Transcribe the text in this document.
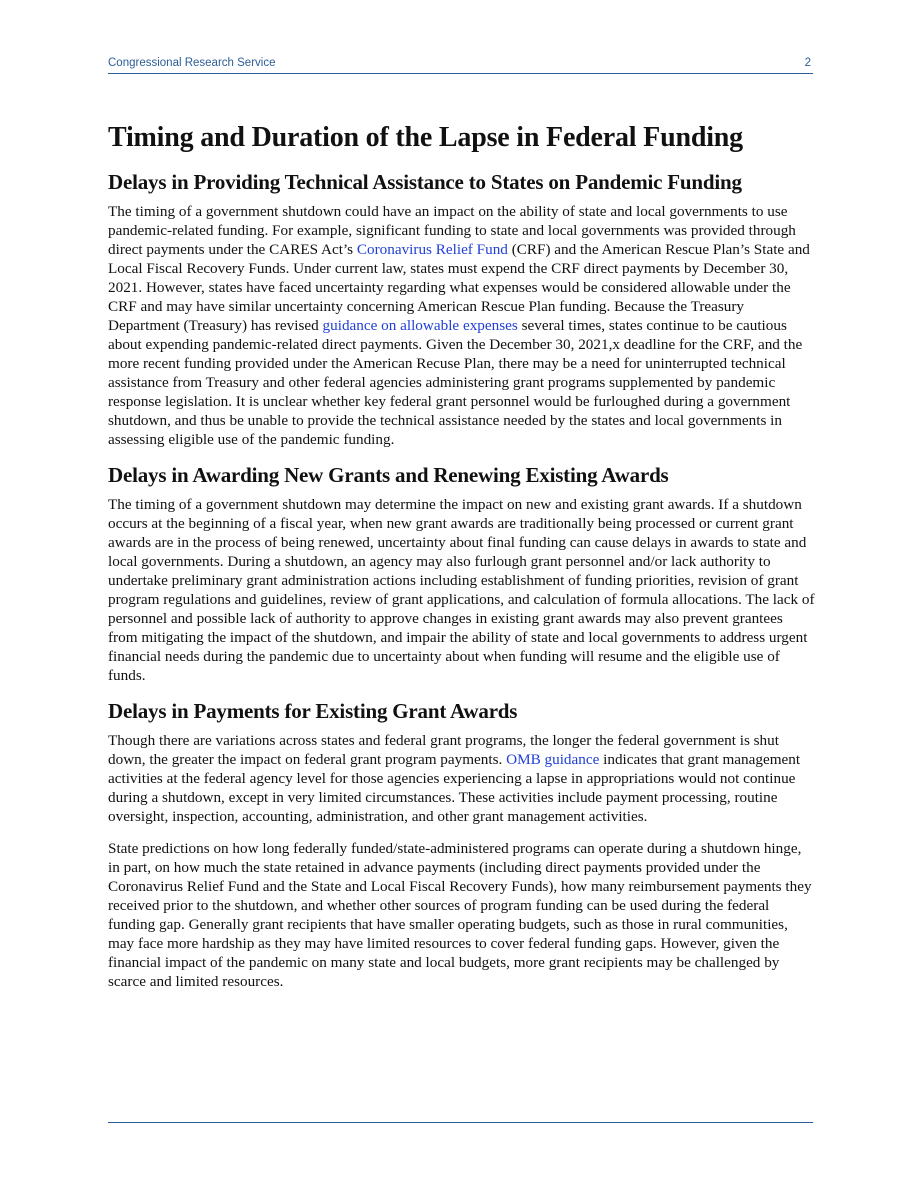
Congressional Research Service	2
Timing and Duration of the Lapse in Federal Funding
Delays in Providing Technical Assistance to States on Pandemic Funding

The timing of a government shutdown could have an impact on the ability of state and local governments to use pandemic-related funding. For example, significant funding to state and local governments was provided through direct payments under the CARES Act’s Coronavirus Relief Fund (CRF) and the American Rescue Plan’s State and Local Fiscal Recovery Funds. Under current law, states must expend the CRF direct payments by December 30, 2021. However, states have faced uncertainty regarding what expenses would be considered allowable under the CRF and may have similar uncertainty concerning American Rescue Plan funding. Because the Treasury Department (Treasury) has revised guidance on allowable expenses several times, states continue to be cautious about expending pandemic-related direct payments. Given the December 30, 2021,x deadline for the CRF, and the more recent funding provided under the American Recuse Plan, there may be a need for uninterrupted technical assistance from Treasury and other federal agencies administering grant programs supplemented by pandemic response legislation. It is unclear whether key federal grant personnel would be furloughed during a government shutdown, and thus be unable to provide the technical assistance needed by the states and local governments in assessing eligible use of the pandemic funding.

Delays in Awarding New Grants and Renewing Existing Awards

The timing of a government shutdown may determine the impact on new and existing grant awards. If a shutdown occurs at the beginning of a fiscal year, when new grant awards are traditionally being processed or current grant awards are in the process of being renewed, uncertainty about final funding can cause delays in awards to state and local governments. During a shutdown, an agency may also furlough grant personnel and/or lack authority to undertake preliminary grant administration actions including establishment of funding priorities, revision of grant program regulations and guidelines, review of grant applications, and calculation of formula allocations. The lack of personnel and possible lack of authority to approve changes in existing grant awards may also prevent grantees from mitigating the impact of the shutdown, and impair the ability of state and local governments to address urgent financial needs during the pandemic due to uncertainty about when funding will resume and the eligible use of funds.

Delays in Payments for Existing Grant Awards

Though there are variations across states and federal grant programs, the longer the federal government is shut down, the greater the impact on federal grant program payments. OMB guidance indicates that grant management activities at the federal agency level for those agencies experiencing a lapse in appropriations would not continue during a shutdown, except in very limited circumstances. These activities include payment processing, routine oversight, inspection, accounting, administration, and other grant management activities.

State predictions on how long federally funded/state-administered programs can operate during a shutdown hinge, in part, on how much the state retained in advance payments (including direct payments provided under the Coronavirus Relief Fund and the State and Local Fiscal Recovery Funds), how many reimbursement payments they received prior to the shutdown, and whether other sources of program funding can be used during the federal funding gap. Generally grant recipients that have smaller operating budgets, such as those in rural communities, may face more hardship as they may have limited resources to cover federal funding gaps. However, given the financial impact of the pandemic on many state and local budgets, more grant recipients may be challenged by scarce and limited resources.
